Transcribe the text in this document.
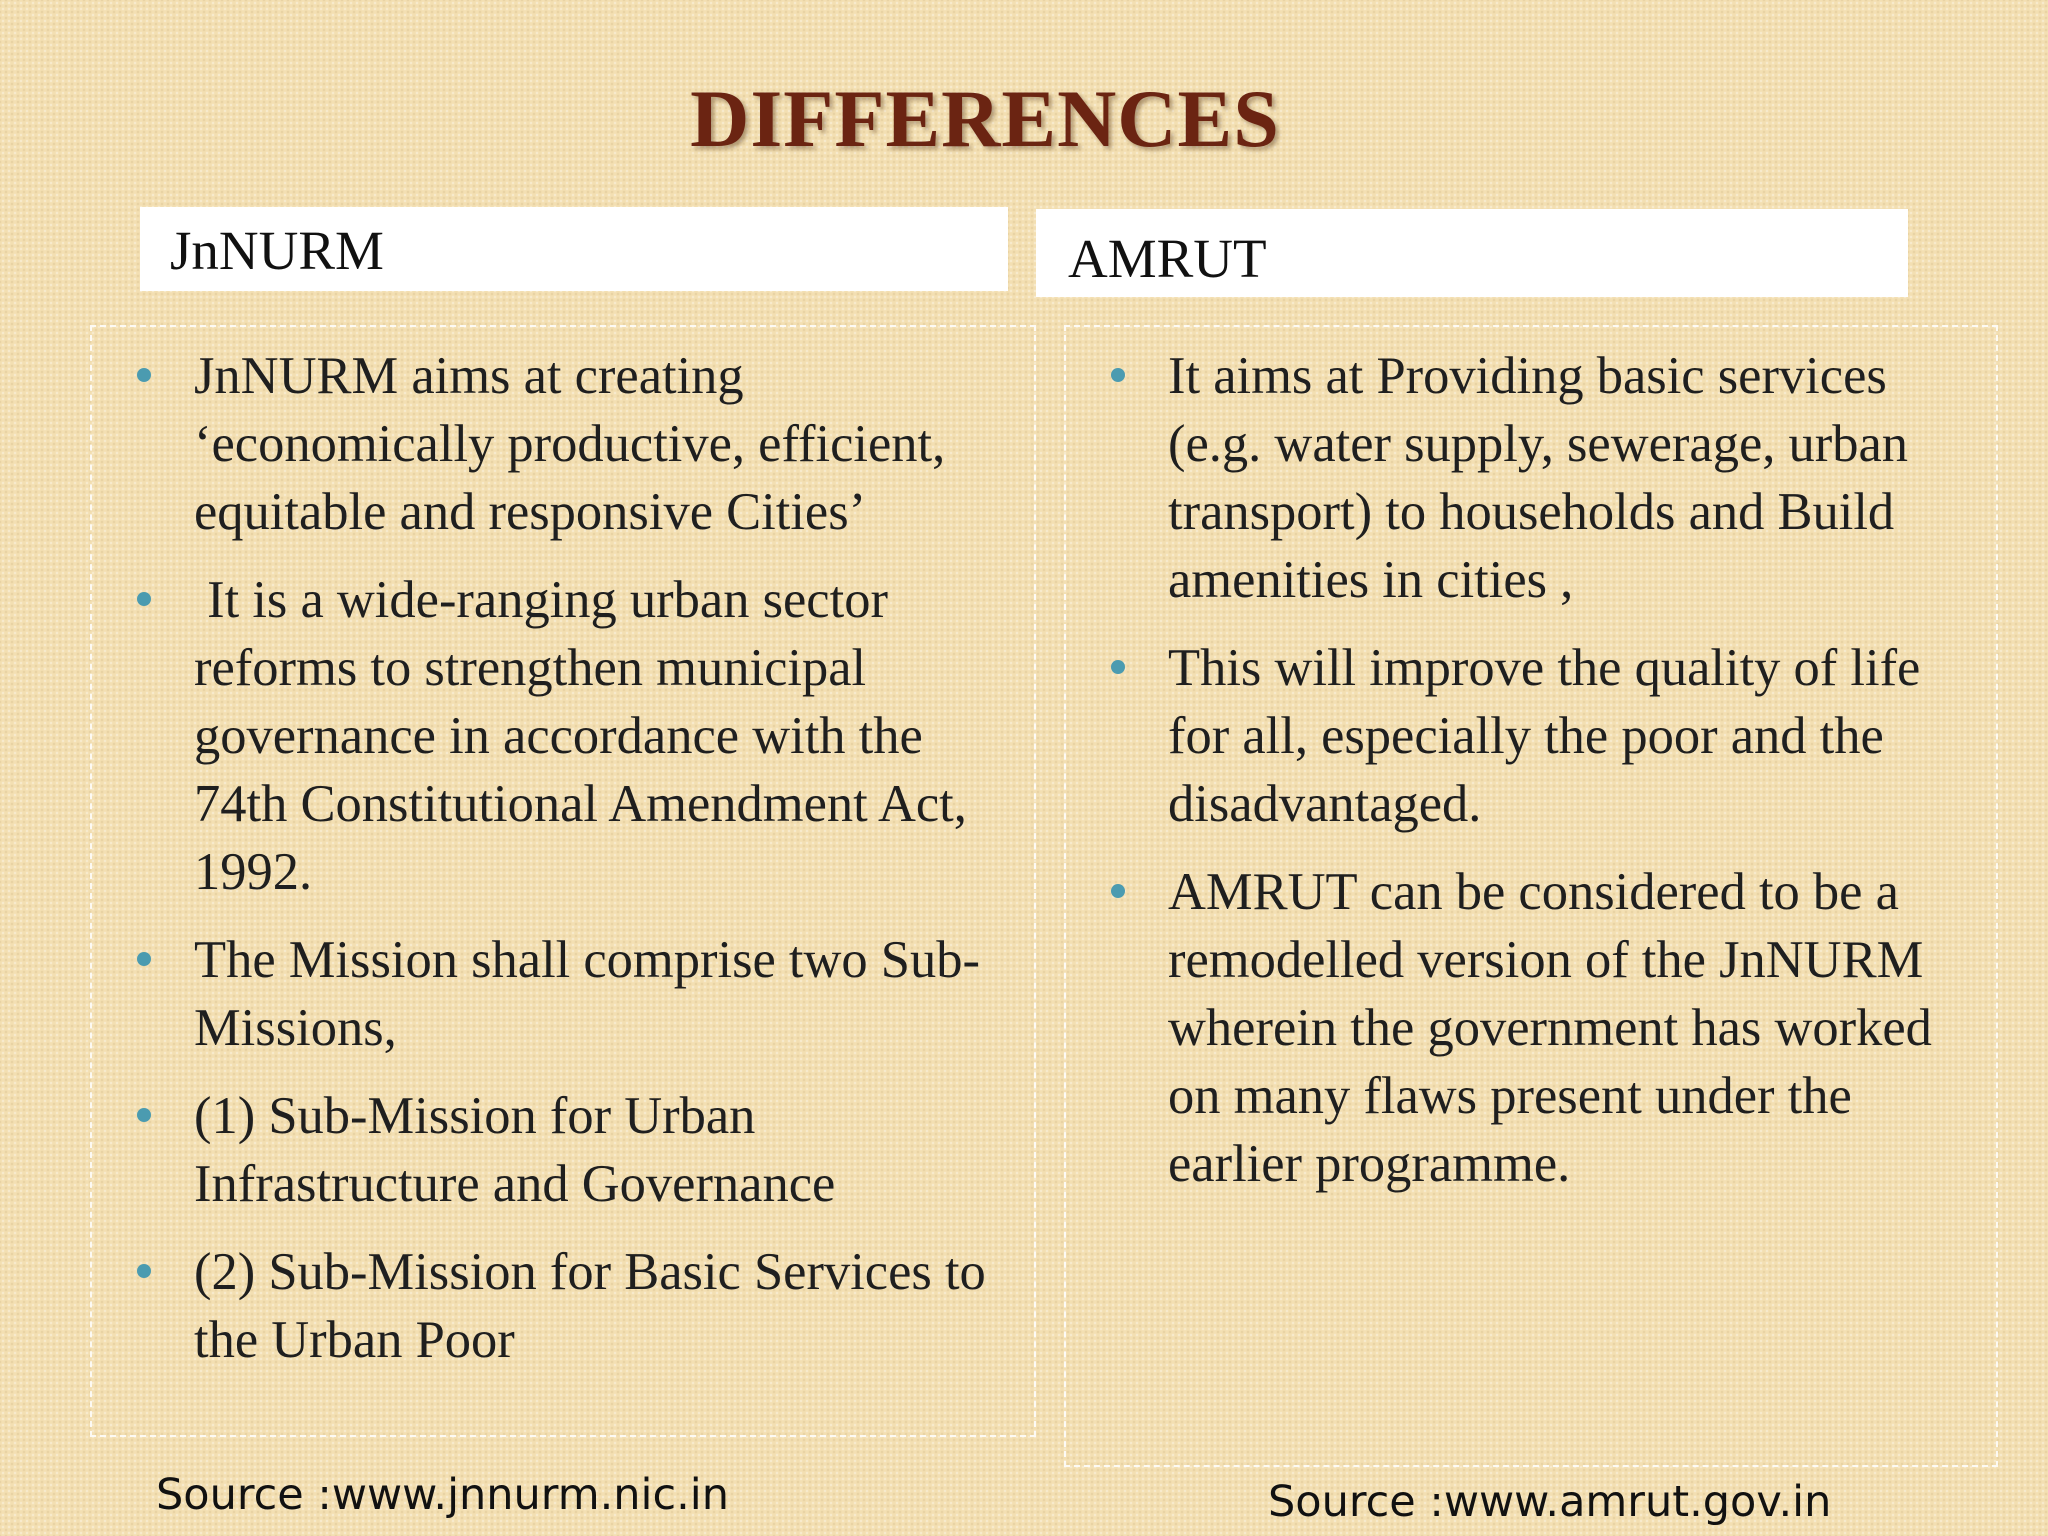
DIFFERENCES
JnNURM	AMRUT
JnNURM aims at creating ‘economically productive, efficient, equitable and responsive Cities’
It is a wide-ranging urban sector reforms to strengthen municipal governance in accordance with the 74th Constitutional Amendment Act, 1992.
The Mission shall comprise two Sub- Missions,
(1) Sub-Mission for Urban Infrastructure and Governance
(2) Sub-Mission for Basic Services to the Urban Poor
It aims at Providing basic services (e.g. water supply, sewerage, urban transport) to households and Build amenities in cities ,
This will improve the quality of life for all, especially the poor and the disadvantaged.
AMRUT can be considered to be a remodelled version of the JnNURM wherein the government has worked on many flaws present under the earlier programme.
Source :www.jnnurm.nic.in	Source :www.amrut.gov.in
